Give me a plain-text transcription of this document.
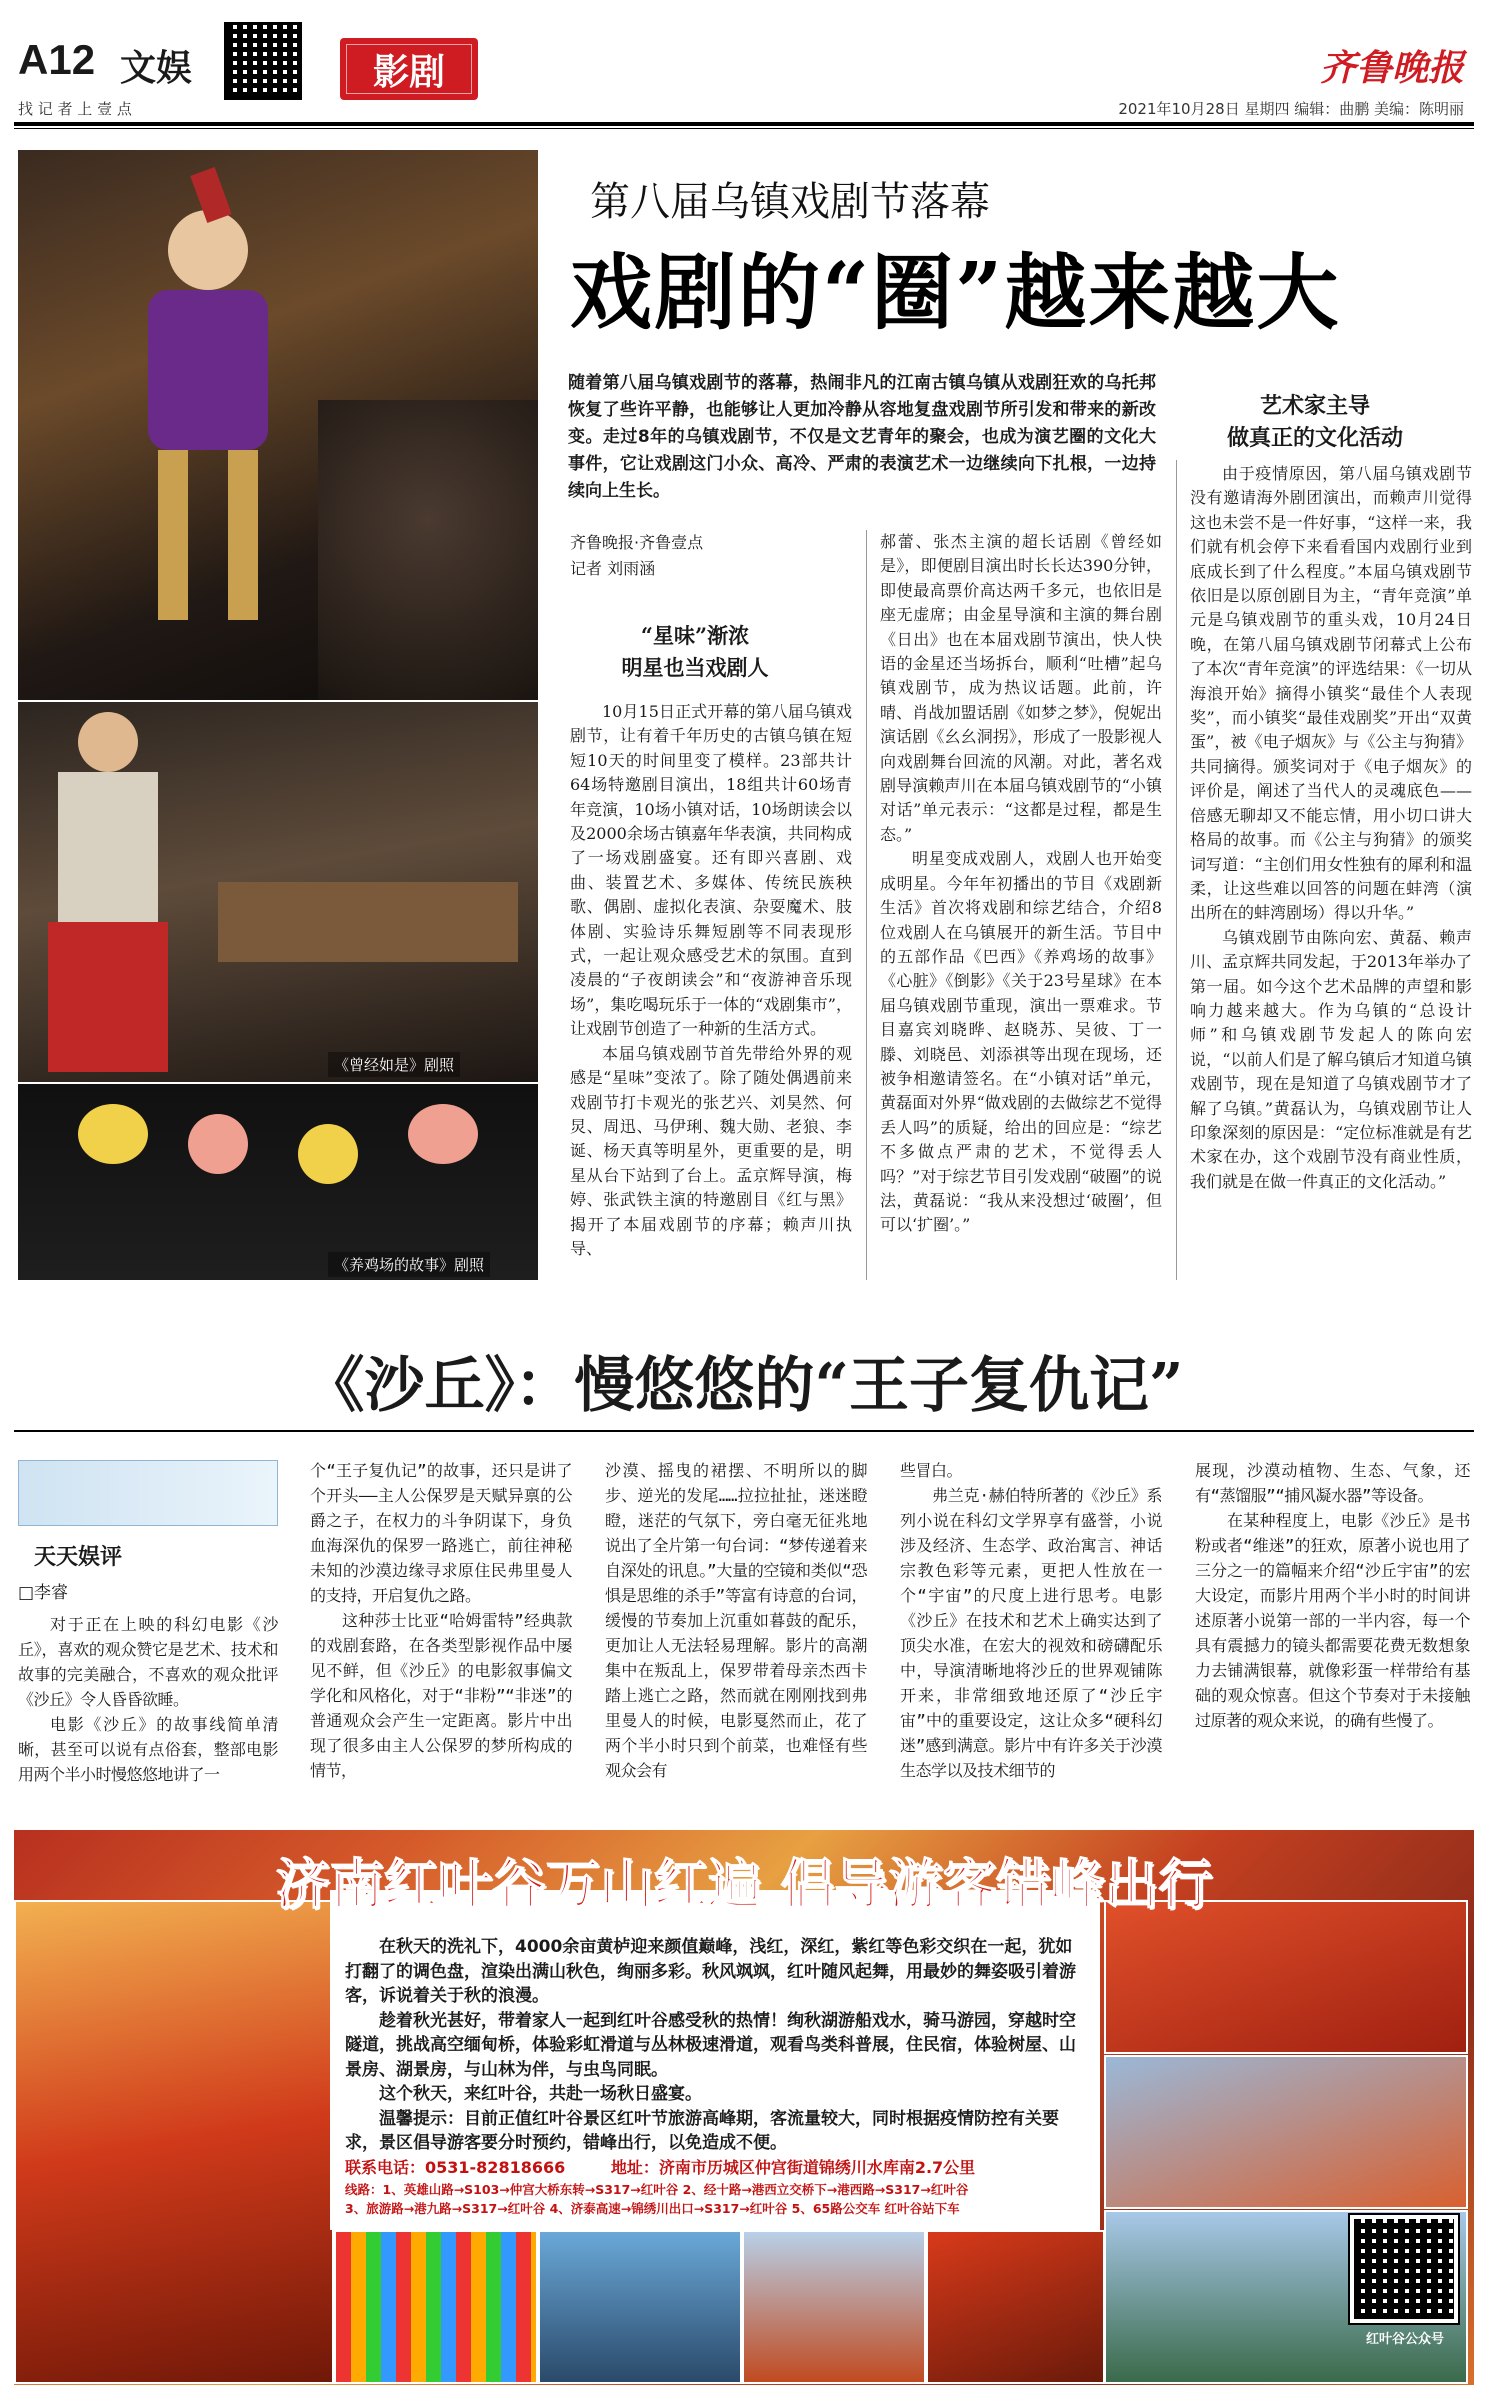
A12 文娱	影剧	齐鲁晚报
找 记 者 上 壹 点	2021年10月28日 星期四 编辑：曲鹏 美编：陈明丽
《曾经如是》剧照
《养鸡场的故事》剧照
第八届乌镇戏剧节落幕
戏剧的“圈”越来越大
随着第八届乌镇戏剧节的落幕，热闹非凡的江南古镇乌镇从戏剧狂欢的乌托邦恢复了些许平静，也能够让人更加冷静从容地复盘戏剧节所引发和带来的新改变。走过8年的乌镇戏剧节，不仅是文艺青年的聚会，也成为演艺圈的文化大事件，它让戏剧这门小众、高冷、严肃的表演艺术一边继续向下扎根，一边持续向上生长。
艺术家主导
做真正的文化活动
齐鲁晚报·齐鲁壹点
记者 刘雨涵
“星味”渐浓
明星也当戏剧人

10月15日正式开幕的第八届乌镇戏剧节，让有着千年历史的古镇乌镇在短短10天的时间里变了模样。23部共计64场特邀剧目演出，18组共计60场青年竞演，10场小镇对话，10场朗读会以及2000余场古镇嘉年华表演，共同构成了一场戏剧盛宴。还有即兴喜剧、戏曲、装置艺术、多媒体、传统民族秧歌、偶剧、虚拟化表演、杂耍魔术、肢体剧、实验诗乐舞短剧等不同表现形式，一起让观众感受艺术的氛围。直到凌晨的“子夜朗读会”和“夜游神音乐现场”，集吃喝玩乐于一体的“戏剧集市”，让戏剧节创造了一种新的生活方式。

本届乌镇戏剧节首先带给外界的观感是“星味”变浓了。除了随处偶遇前来戏剧节打卡观光的张艺兴、刘昊然、何炅、周迅、马伊琍、魏大勋、老狼、李诞、杨天真等明星外，更重要的是，明星从台下站到了台上。孟京辉导演，梅婷、张武铁主演的特邀剧目《红与黑》揭开了本届戏剧节的序幕；赖声川执导、

郝蕾、张杰主演的超长话剧《曾经如是》，即便剧目演出时长长达390分钟，即使最高票价高达两千多元，也依旧是座无虚席；由金星导演和主演的舞台剧《日出》也在本届戏剧节演出，快人快语的金星还当场拆台，顺利“吐槽”起乌镇戏剧节，成为热议话题。此前，许晴、肖战加盟话剧《如梦之梦》，倪妮出演话剧《幺幺洞拐》，形成了一股影视人向戏剧舞台回流的风潮。对此，著名戏剧导演赖声川在本届乌镇戏剧节的“小镇对话”单元表示：“这都是过程，都是生态。”

明星变成戏剧人，戏剧人也开始变成明星。今年年初播出的节目《戏剧新生活》首次将戏剧和综艺结合，介绍8位戏剧人在乌镇展开的新生活。节目中的五部作品《巴西》《养鸡场的故事》《心脏》《倒影》《关于23号星球》在本届乌镇戏剧节重现，演出一票难求。节目嘉宾刘晓晔、赵晓苏、吴彼、丁一滕、刘晓邑、刘添祺等出现在现场，还被争相邀请签名。在“小镇对话”单元，黄磊面对外界“做戏剧的去做综艺不觉得丢人吗”的质疑，给出的回应是：“综艺不多做点严肃的艺术，不觉得丢人吗？”对于综艺节目引发戏剧“破圈”的说法，黄磊说：“我从来没想过‘破圈’，但可以‘扩圈’。”

由于疫情原因，第八届乌镇戏剧节没有邀请海外剧团演出，而赖声川觉得这也未尝不是一件好事，“这样一来，我们就有机会停下来看看国内戏剧行业到底成长到了什么程度。”本届乌镇戏剧节依旧是以原创剧目为主，“青年竞演”单元是乌镇戏剧节的重头戏，10月24日晚，在第八届乌镇戏剧节闭幕式上公布了本次“青年竞演”的评选结果：《一切从海浪开始》摘得小镇奖“最佳个人表现奖”，而小镇奖“最佳戏剧奖”开出“双黄蛋”，被《电子烟灰》与《公主与狗猜》共同摘得。颁奖词对于《电子烟灰》的评价是，阐述了当代人的灵魂底色——倍感无聊却又不能忘情，用小切口讲大格局的故事。而《公主与狗猜》的颁奖词写道：“主创们用女性独有的犀利和温柔，让这些难以回答的问题在蚌湾（演出所在的蚌湾剧场）得以升华。”

乌镇戏剧节由陈向宏、黄磊、赖声川、孟京辉共同发起，于2013年举办了第一届。如今这个艺术品牌的声望和影响力越来越大。作为乌镇的“总设计师”和乌镇戏剧节发起人的陈向宏说，“以前人们是了解乌镇后才知道乌镇戏剧节，现在是知道了乌镇戏剧节才了解了乌镇。”黄磊认为，乌镇戏剧节让人印象深刻的原因是：“定位标准就是有艺术家在办，这个戏剧节没有商业性质，我们就是在做一件真正的文化活动。”

《沙丘》：慢悠悠的“王子复仇记”
天天娱评
□李睿

对于正在上映的科幻电影《沙丘》，喜欢的观众赞它是艺术、技术和故事的完美融合，不喜欢的观众批评《沙丘》令人昏昏欲睡。

电影《沙丘》的故事线简单清晰，甚至可以说有点俗套，整部电影用两个半小时慢悠悠地讲了一

个“王子复仇记”的故事，还只是讲了个开头——主人公保罗是天赋异禀的公爵之子，在权力的斗争阴谋下，身负血海深仇的保罗一路逃亡，前往神秘未知的沙漠边缘寻求原住民弗里曼人的支持，开启复仇之路。

这种莎士比亚“哈姆雷特”经典款的戏剧套路，在各类型影视作品中屡见不鲜，但《沙丘》的电影叙事偏文学化和风格化，对于“非粉”“非迷”的普通观众会产生一定距离。影片中出现了很多由主人公保罗的梦所构成的情节，

沙漠、摇曳的裙摆、不明所以的脚步、逆光的发尾……拉拉扯扯，迷迷瞪瞪，迷茫的气氛下，旁白毫无征兆地说出了全片第一句台词：“梦传递着来自深处的讯息。”大量的空镜和类似“恐惧是思维的杀手”等富有诗意的台词，缓慢的节奏加上沉重如暮鼓的配乐，更加让人无法轻易理解。影片的高潮集中在叛乱上，保罗带着母亲杰西卡踏上逃亡之路，然而就在刚刚找到弗里曼人的时候，电影戛然而止，花了两个半小时只到个前菜，也难怪有些观众会有

些冒白。

弗兰克·赫伯特所著的《沙丘》系列小说在科幻文学界享有盛誉，小说涉及经济、生态学、政治寓言、神话宗教色彩等元素，更把人性放在一个“宇宙”的尺度上进行思考。电影《沙丘》在技术和艺术上确实达到了顶尖水准，在宏大的视效和磅礴配乐中，导演清晰地将沙丘的世界观铺陈开来，非常细致地还原了“沙丘宇宙”中的重要设定，这让众多“硬科幻迷”感到满意。影片中有许多关于沙漠生态学以及技术细节的

展现，沙漠动植物、生态、气象，还有“蒸馏服”“捕风凝水器”等设备。

在某种程度上，电影《沙丘》是书粉或者“维迷”的狂欢，原著小说也用了三分之一的篇幅来介绍“沙丘宇宙”的宏大设定，而影片用两个半小时的时间讲述原著小说第一部的一半内容，每一个具有震撼力的镜头都需要花费无数想象力去铺满银幕，就像彩蛋一样带给有基础的观众惊喜。但这个节奏对于未接触过原著的观众来说，的确有些慢了。

济南红叶谷万山红遍 倡导游客错峰出行

在秋天的洗礼下，4000余亩黄栌迎来颜值巅峰，浅红，深红，紫红等色彩交织在一起，犹如打翻了的调色盘，渲染出满山秋色，绚丽多彩。秋风飒飒，红叶随风起舞，用最妙的舞姿吸引着游客，诉说着关于秋的浪漫。

趁着秋光甚好，带着家人一起到红叶谷感受秋的热情！绚秋湖游船戏水，骑马游园，穿越时空隧道，挑战高空缅甸桥，体验彩虹滑道与丛林极速滑道，观看鸟类科普展，住民宿，体验树屋、山景房、湖景房，与山林为伴，与虫鸟同眠。

这个秋天，来红叶谷，共赴一场秋日盛宴。

温馨提示：目前正值红叶谷景区红叶节旅游高峰期，客流量较大，同时根据疫情防控有关要求，景区倡导游客要分时预约，错峰出行，以免造成不便。

联系电话：0531-82818666	地址：济南市历城区仲宫街道锦绣川水库南2.7公里
线路：1、英雄山路→S103→仲宫大桥东转→S317→红叶谷 2、经十路→港西立交桥下→港西路→S317→红叶谷
3、旅游路→港九路→S317→红叶谷 4、济泰高速→锦绣川出口→S317→红叶谷 5、65路公交车 红叶谷站下车
红叶谷公众号
